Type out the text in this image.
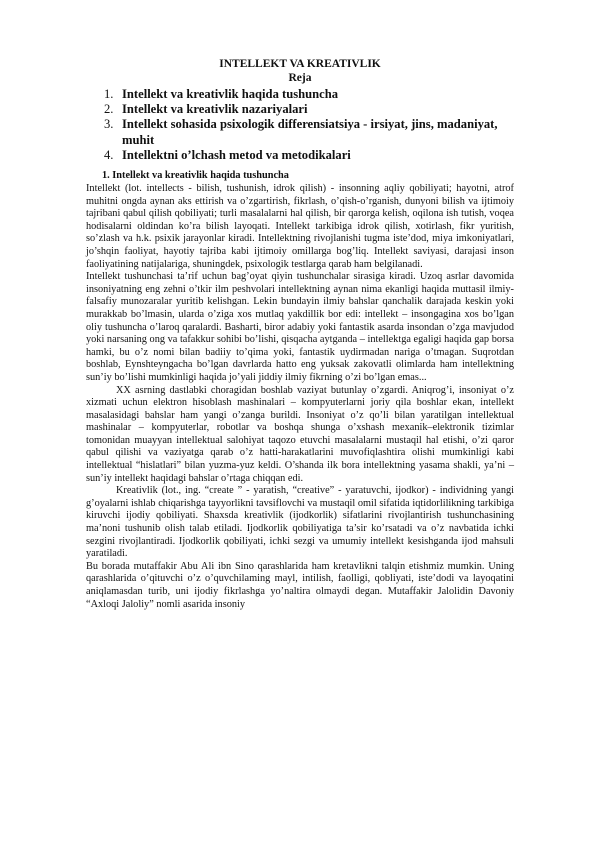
INTELLEKT VA KREATIVLIK
Reja
1. Intellekt va kreativlik haqida tushuncha
2. Intellekt va kreativlik nazariyalari
3. Intellekt sohasida psixologik differensiatsiya - irsiyat, jins, madaniyat, muhit
4. Intellektni o’lchash metod va metodikalari
1. Intellekt va kreativlik haqida tushuncha

Intellekt (lot. intellects - bilish, tushunish, idrok qilish) - insonning aqliy qobiliyati; hayotni, atrof muhitni ongda aynan aks ettirish va o’zgartirish, fikrlash, o’qish-o’rganish, dunyoni bilish va ijtimoiy tajribani qabul qilish qobiliyati; turli masalalarni hal qilish, bir qarorga kelish, oqilona ish tutish, voqea hodisalarni oldindan ko’ra bilish layoqati. Intellekt tarkibiga idrok qilish, xotirlash, fikr yuritish, so’zlash va h.k. psixik jarayonlar kiradi. Intellektning rivojlanishi tugma iste’dod, miya imkoniyatlari, jo’shqin faoliyat, hayotiy tajriba kabi ijtimoiy omillarga bog’liq. Intellekt saviyasi, darajasi inson faoliyatining natijalariga, shuningdek, psixologik testlarga qarab ham belgilanadi.

Intellekt tushunchasi ta’rif uchun bag’oyat qiyin tushunchalar sirasiga kiradi. Uzoq asrlar davomida insoniyatning eng zehni o’tkir ilm peshvolari intellektning aynan nima ekanligi haqida muttasil ilmiy-falsafiy munozaralar yuritib kelishgan. Lekin bundayin ilmiy bahslar qanchalik darajada keskin yoki murakkab bo’lmasin, ularda o’ziga xos mutlaq yakdillik bor edi: intellekt – insongagina xos bo’lgan oliy tushuncha o’laroq qaralardi. Basharti, biror adabiy yoki fantastik asarda insondan o’zga mavjudod yoki narsaning ong va tafakkur sohibi bo’lishi, qisqacha aytganda – intellektga egaligi haqida gap borsa hamki, bu o’z nomi bilan badiiy to’qima yoki, fantastik uydirmadan nariga o’tmagan. Suqrotdan boshlab, Eynshteyngacha bo’lgan davrlarda hatto eng yuksak zakovatli olimlarda ham intellektning sun’iy bo’lishi mumkinligi haqida jo’yali jiddiy ilmiy fikrning o’zi bo’lgan emas...

XX asrning dastlabki choragidan boshlab vaziyat butunlay o’zgardi. Aniqrog’i, insoniyat o’z xizmati uchun elektron hisoblash mashinalari – kompyuterlarni joriy qila boshlar ekan, intellekt masalasidagi bahslar ham yangi o’zanga burildi. Insoniyat o’z qo’li bilan yaratilgan intellektual mashinalar – kompyuterlar, robotlar va boshqa shunga o’xshash mexanik–elektronik tizimlar tomonidan muayyan intellektual salohiyat taqozo etuvchi masalalarni mustaqil hal etishi, o’zi qaror qabul qilishi va vaziyatga qarab o’z hatti-harakatlarini muvofiqlashtira olishi mumkinligi kabi intellektual “hislatlari” bilan yuzma-yuz keldi. O’shanda ilk bora intellektning yasama shakli, ya’ni – sun’iy intellekt haqidagi bahslar o’rtaga chiqqan edi.

Kreativlik (lot., ing. “create ” - yaratish, “creative” - yaratuvchi, ijodkor) - individning yangi g’oyalarni ishlab chiqarishga tayyorlikni tavsiflovchi va mustaqil omil sifatida iqtidorlilikning tarkibiga kiruvchi ijodiy qobiliyati. Shaxsda kreativlik (ijodkorlik) sifatlarini rivojlantirish tushunchasining ma’noni tushunib olish talab etiladi. Ijodkorlik qobiliyatiga ta’sir ko’rsatadi va o’z navbatida ichki sezgini rivojlantiradi. Ijodkorlik qobiliyati, ichki sezgi va umumiy intellekt kesishganda ijod mahsuli yaratiladi.

Bu borada mutaffakir Abu Ali ibn Sino qarashlarida ham kretavlikni talqin etishmiz mumkin. Uning qarashlarida o’qituvchi o’z o’quvchilaming mayl, intilish, faolligi, qobliyati, iste’dodi va layoqatini aniqlamasdan turib, uni ijodiy fikrlashga yo’naltira olmaydi degan. Mutaffakir Jalolidin Davoniy “Axloqi Jaloliy” nomli asarida insoniy
